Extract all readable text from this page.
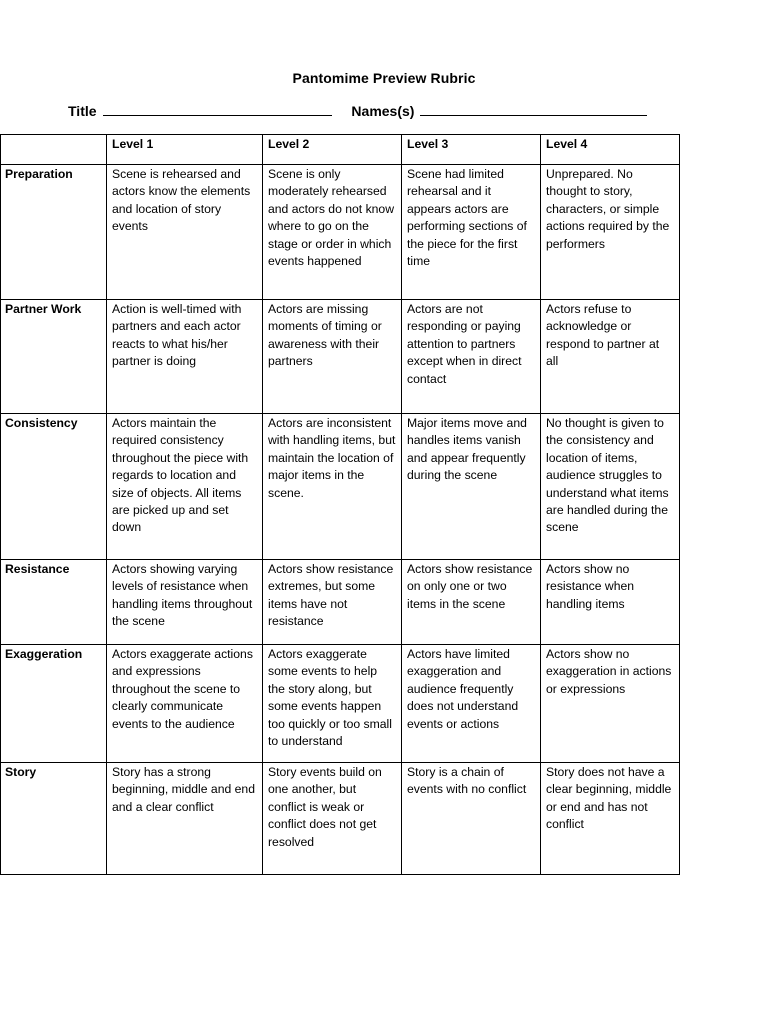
Pantomime Preview Rubric
Title	Names(s)
	Level 1	Level 2	Level 3	Level 4
Preparation	Scene is rehearsed and actors know the elements and location of story events	Scene is only moderately rehearsed and actors do not know where to go on the stage or order in which events happened	Scene had limited rehearsal and it appears actors are performing sections of the piece for the first time	Unprepared. No thought to story, characters, or simple actions required by the performers
Partner Work	Action is well-timed with partners and each actor reacts to what his/her partner is doing	Actors are missing moments of timing or awareness with their partners	Actors are not responding or paying attention to partners except when in direct contact	Actors refuse to acknowledge or respond to partner at all
Consistency	Actors maintain the required consistency throughout the piece with regards to location and size of objects. All items are picked up and set down	Actors are inconsistent with handling items, but maintain the location of major items in the scene.	Major items move and handles items vanish and appear frequently during the scene	No thought is given to the consistency and location of items, audience struggles to understand what items are handled during the scene
Resistance	Actors showing varying levels of resistance when handling items throughout the scene	Actors show resistance extremes, but some items have not resistance	Actors show resistance on only one or two items in the scene	Actors show no resistance when handling items
Exaggeration	Actors exaggerate actions and expressions throughout the scene to clearly communicate events to the audience	Actors exaggerate some events to help the story along, but some events happen too quickly or too small to understand	Actors have limited exaggeration and audience frequently does not understand events or actions	Actors show no exaggeration in actions or expressions
Story	Story has a strong beginning, middle and end and a clear conflict	Story events build on one another, but conflict is weak or conflict does not get resolved	Story is a chain of events with no conflict	Story does not have a clear beginning, middle or end and has not conflict
